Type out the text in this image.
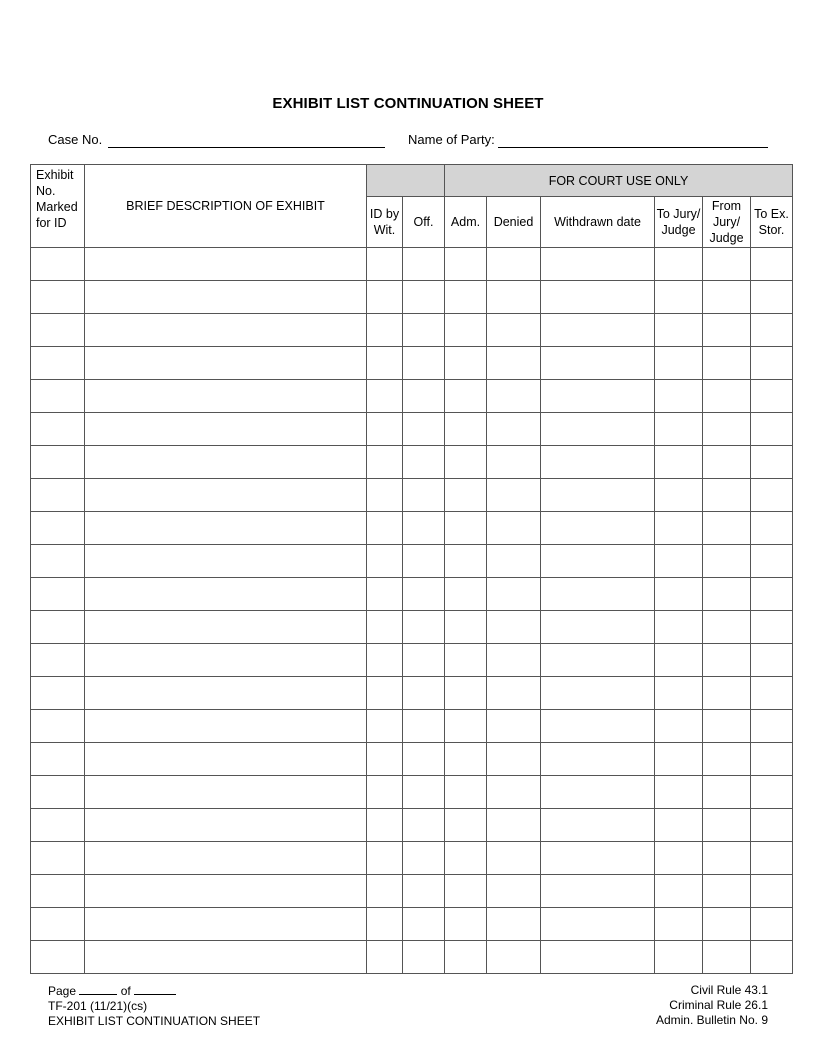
EXHIBIT LIST CONTINUATION SHEET
Case No.	Name of Party:
Exhibit No. Marked for ID	BRIEF DESCRIPTION OF EXHIBIT			FOR COURT USE ONLY					
		ID by Wit.	Off.	Adm.	Denied	Withdrawn date	To Jury/ Judge	From Jury/ Judge	To Ex. Stor.

Page	of
TF-201 (11/21)(cs)
EXHIBIT LIST CONTINUATION SHEET
Civil Rule 43.1
Criminal Rule 26.1
Admin. Bulletin No. 9
